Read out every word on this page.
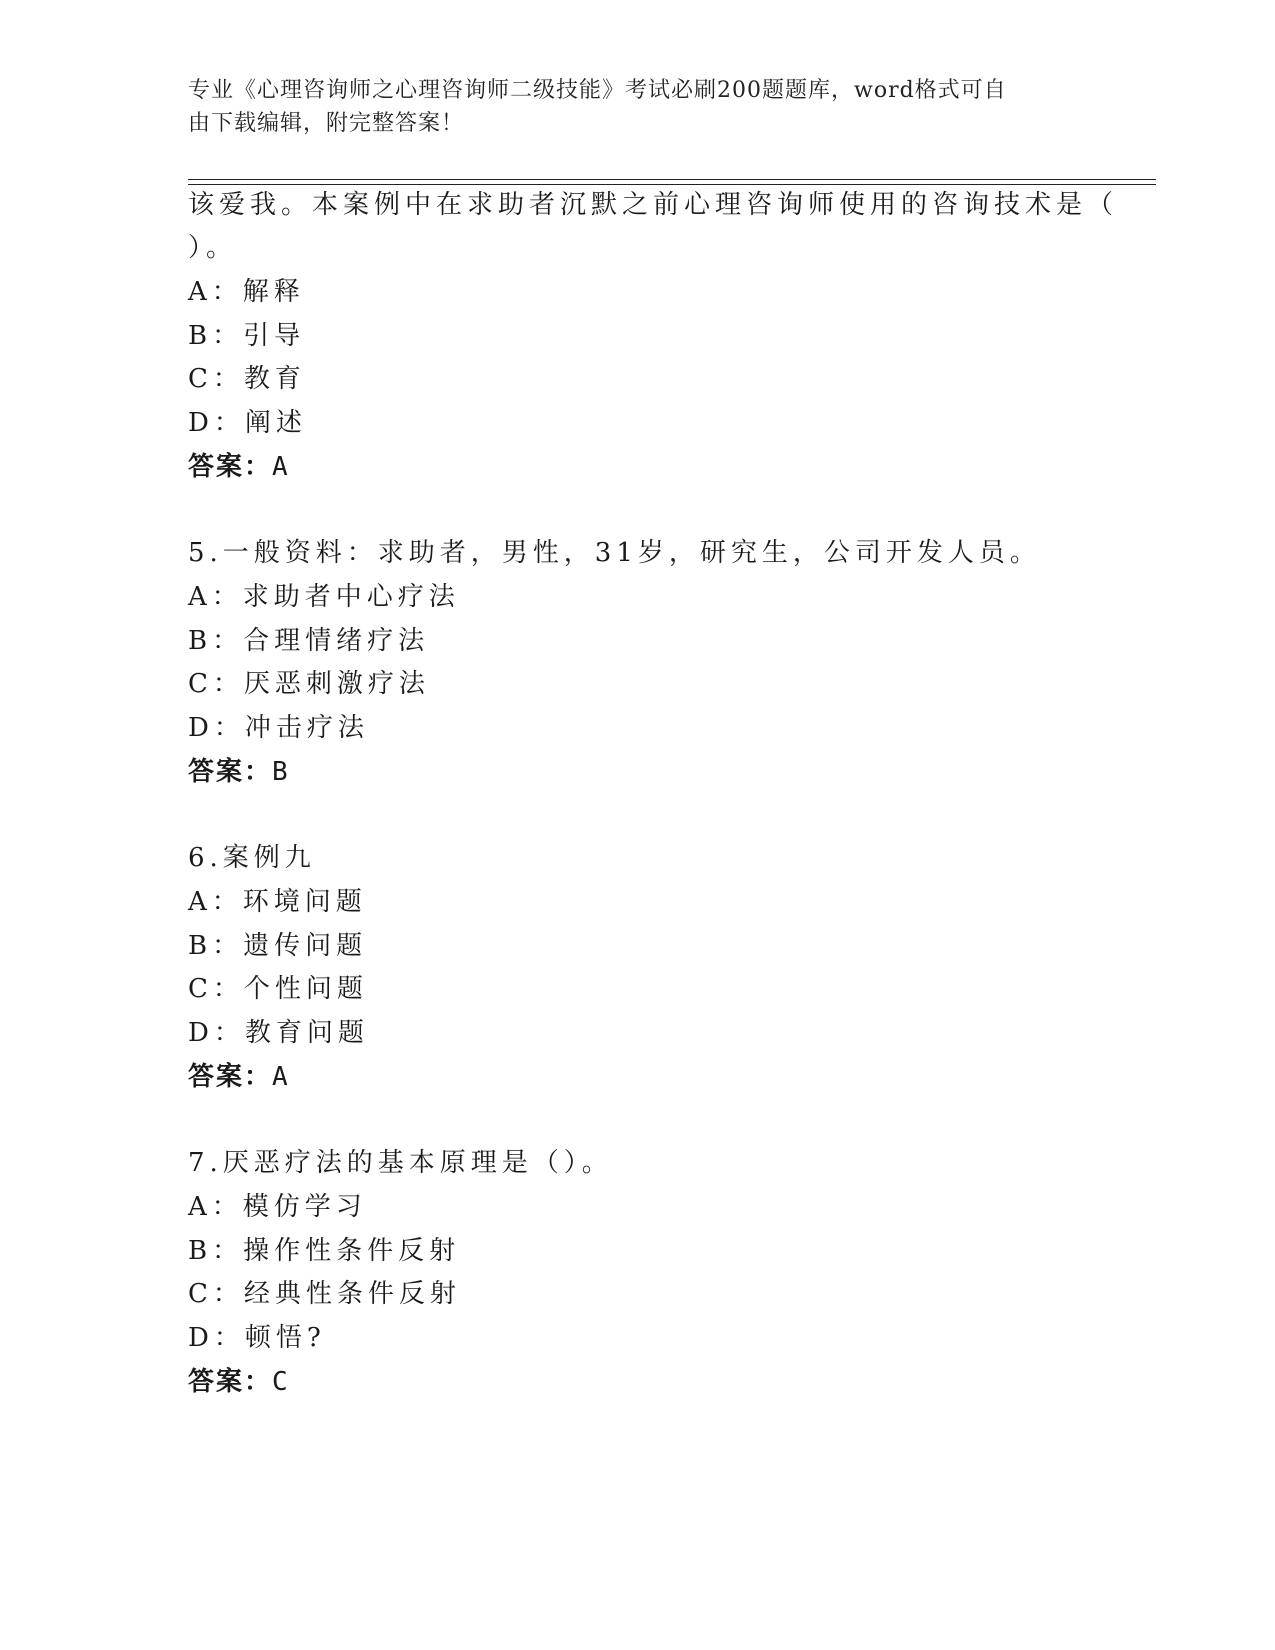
专业《心理咨询师之心理咨询师二级技能》考试必刷200题题库，word格式可自
由下载编辑，附完整答案！
该爱我。本案例中在求助者沉默之前心理咨询师使用的咨询技术是（
）。
A：解释
B：引导
C：教育
D：阐述
答案：A
5.一般资料：求助者，男性，31岁，研究生，公司开发人员。
A：求助者中心疗法
B：合理情绪疗法
C：厌恶刺激疗法
D：冲击疗法
答案：B
6.案例九
A：环境问题
B：遗传问题
C：个性问题
D：教育问题
答案：A
7.厌恶疗法的基本原理是（）。
A：模仿学习
B：操作性条件反射
C：经典性条件反射
D：顿悟?
答案：C
